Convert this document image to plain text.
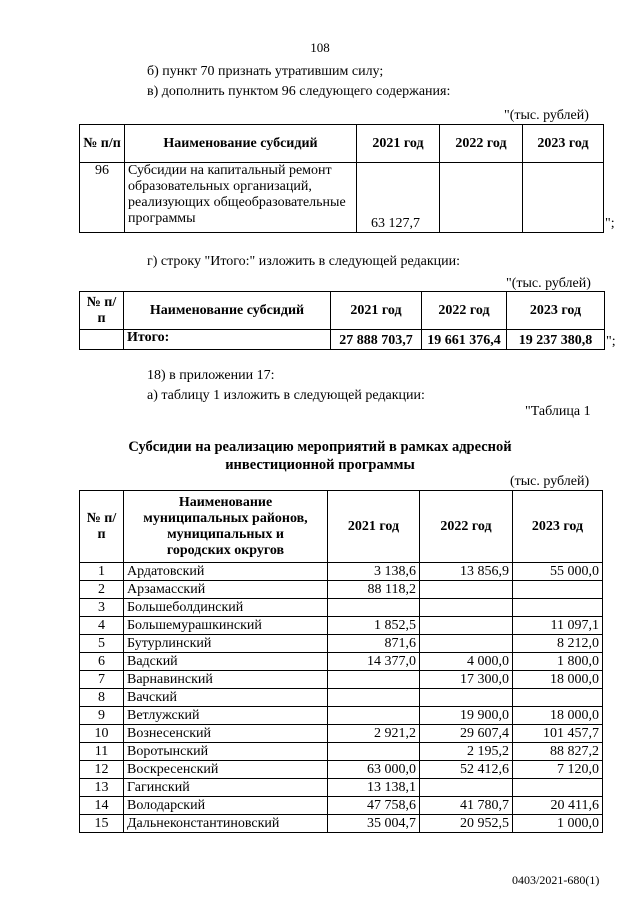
108
б) пункт 70 признать утратившим силу;
в) дополнить пунктом 96 следующего содержания:
"(тыс. рублей)
№ п/п	Наименование субсидий	2021 год	2022 год	2023 год
96	Субсидии на капитальный ремонт образовательных организаций, реализующих общеобразовательные программы	63 127,7			";
г) строку "Итого:" изложить в следующей редакции:
"(тыс. рублей)
№ п/п	Наименование субсидий	2021 год	2022 год	2023 год
	Итого:	27 888 703,7	19 661 376,4	19 237 380,8 ";
18) в приложении 17:
а) таблицу 1 изложить в следующей редакции:
"Таблица 1
Субсидии на реализацию мероприятий в рамках адресной инвестиционной программы
(тыс. рублей)
№ п/п	Наименование муниципальных районов, муниципальных и городских округов	2021 год	2022 год	2023 год
1	Ардатовский	3 138,6	13 856,9	55 000,0
2	Арзамасский	88 118,2		
3	Большеболдинский			
4	Большемурашкинский	1 852,5		11 097,1
5	Бутурлинский	871,6		8 212,0
6	Вадский	14 377,0	4 000,0	1 800,0
7	Варнавинский		17 300,0	18 000,0
8	Вачский			
9	Ветлужский		19 900,0	18 000,0
10	Вознесенский	2 921,2	29 607,4	101 457,7
11	Воротынский		2 195,2	88 827,2
12	Воскресенский	63 000,0	52 412,6	7 120,0
13	Гагинский	13 138,1		
14	Володарский	47 758,6	41 780,7	20 411,6
15	Дальнеконстантиновский	35 004,7	20 952,5	1 000,0
0403/2021-680(1)
